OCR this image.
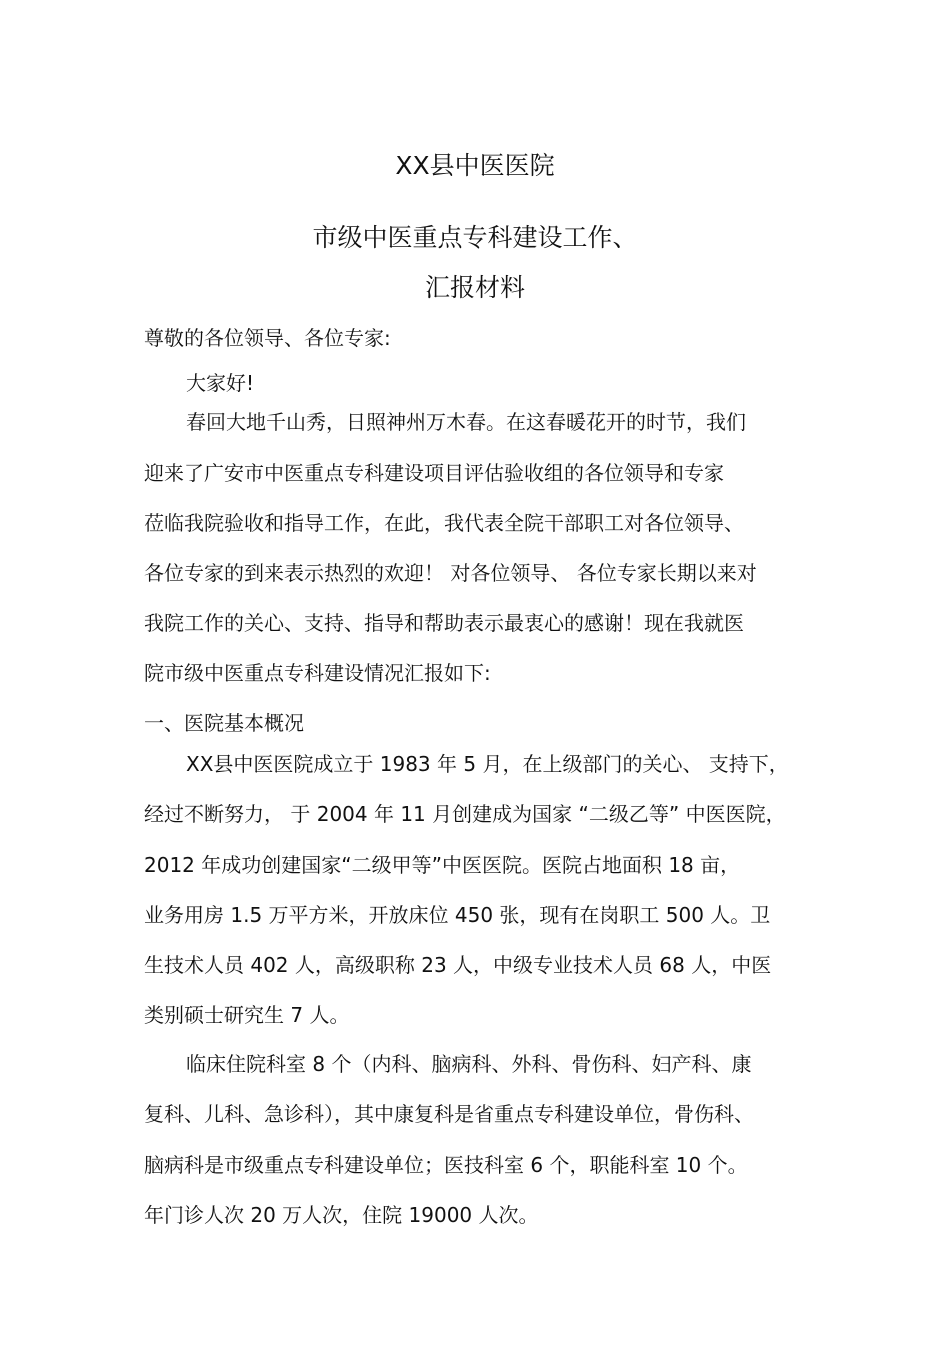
XX县中医医院
市级中医重点专科建设工作、
汇报材料
尊敬的各位领导、各位专家:
大家好!
春回大地千山秀，日照神州万木春。在这春暖花开的时节，我们
迎来了广安市中医重点专科建设项目评估验收组的各位领导和专家
莅临我院验收和指导工作，在此，我代表全院干部职工对各位领导、
各位专家的到来表示热烈的欢迎！ 对各位领导、 各位专家长期以来对
我院工作的关心、支持、指导和帮助表示最衷心的感谢！现在我就医
院市级中医重点专科建设情况汇报如下:
一、医院基本概况
XX县中医医院成立于 1983 年 5 月，在上级部门的关心、 支持下，
经过不断努力， 于 2004 年 11 月创建成为国家 “二级乙等” 中医医院，
2012 年成功创建国家“二级甲等”中医医院。医院占地面积 18 亩，
业务用房 1.5 万平方米，开放床位 450 张，现有在岗职工 500 人。卫
生技术人员 402 人，高级职称 23 人，中级专业技术人员 68 人，中医
类别硕士研究生 7 人。
临床住院科室 8 个（内科、脑病科、外科、骨伤科、妇产科、康
复科、儿科、急诊科），其中康复科是省重点专科建设单位，骨伤科、
脑病科是市级重点专科建设单位；医技科室 6 个，职能科室 10 个。
年门诊人次 20 万人次，住院 19000 人次。
